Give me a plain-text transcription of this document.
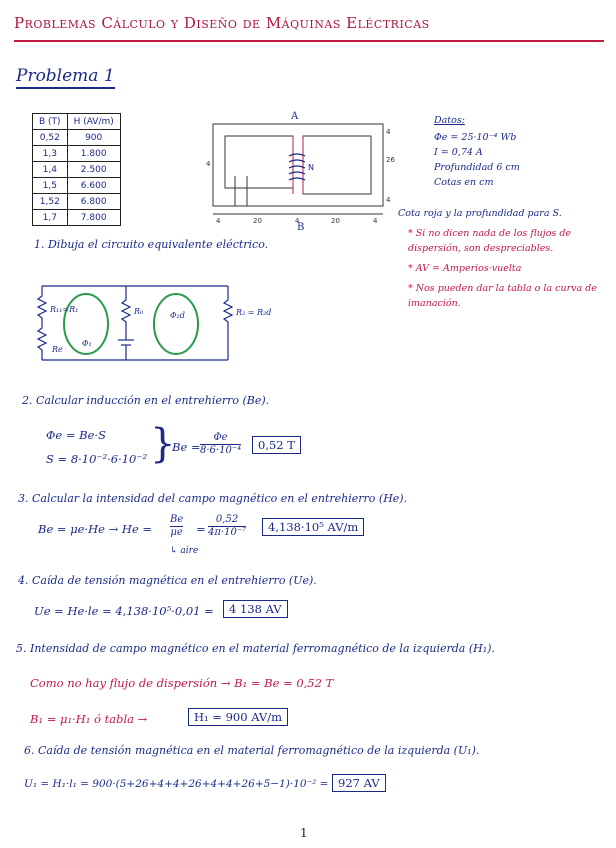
Problemas Cálculo y Diseño de Máquinas Eléctricas
Problema 1
B (T)	H (AV/m)
0,52	900
1,3	1.800
1,4	2.500
1,5	6.600
1,52	6.800
1,7	7.800
A
B
N
4	26
4
4
4	20	4	20	4
Datos:
Φe = 25·10⁻⁴ Wb
I = 0,74 A
Profundidad 6 cm
Cotas en cm
Cota roja y la profundidad para S.
* Si no dicen nada de los flujos de dispersión, son despreciables.
* AV = Amperios·vuelta
* Nos pueden dar la tabla o la curva de imanación.
1. Dibuja el circuito equivalente eléctrico.
R₁₁=R₁
Re
R₀
Φ₁
Φ₂d	R₂ = R₂d
2. Calcular inducción en el entrehierro (Be).
Φe = Be·S
S = 8·10⁻²·6·10⁻² }
$Be = \frac{\Phi e}{\text{8·6·10⁻⁴}}$	0,52 T
3. Calcular la intensidad del campo magnético en el entrehierro (He).
$Be = \mu e\cdot He \to He = \frac{Be}{\mu e} = \frac{0,52}{\text{4π·10⁻⁷}}$	4,138·10⁵ AV/m
↳ aire
4. Caída de tensión magnética en el entrehierro (Ue).
Ue = He·le = 4,138·10⁵·0,01 =	4 138 AV
5. Intensidad de campo magnético en el material ferromagnético de la izquierda (H₁).
Como no hay flujo de dispersión → B₁ = Be = 0,52 T
B₁ = μ₁·H₁ ó tabla →	H₁ = 900 AV/m
6. Caída de tensión magnética en el material ferromagnético de la izquierda (U₁).
U₁ = H₁·l₁ = 900·(5+26+4+4+26+4+4+26+5−1)·10⁻² = 927 AV
1
